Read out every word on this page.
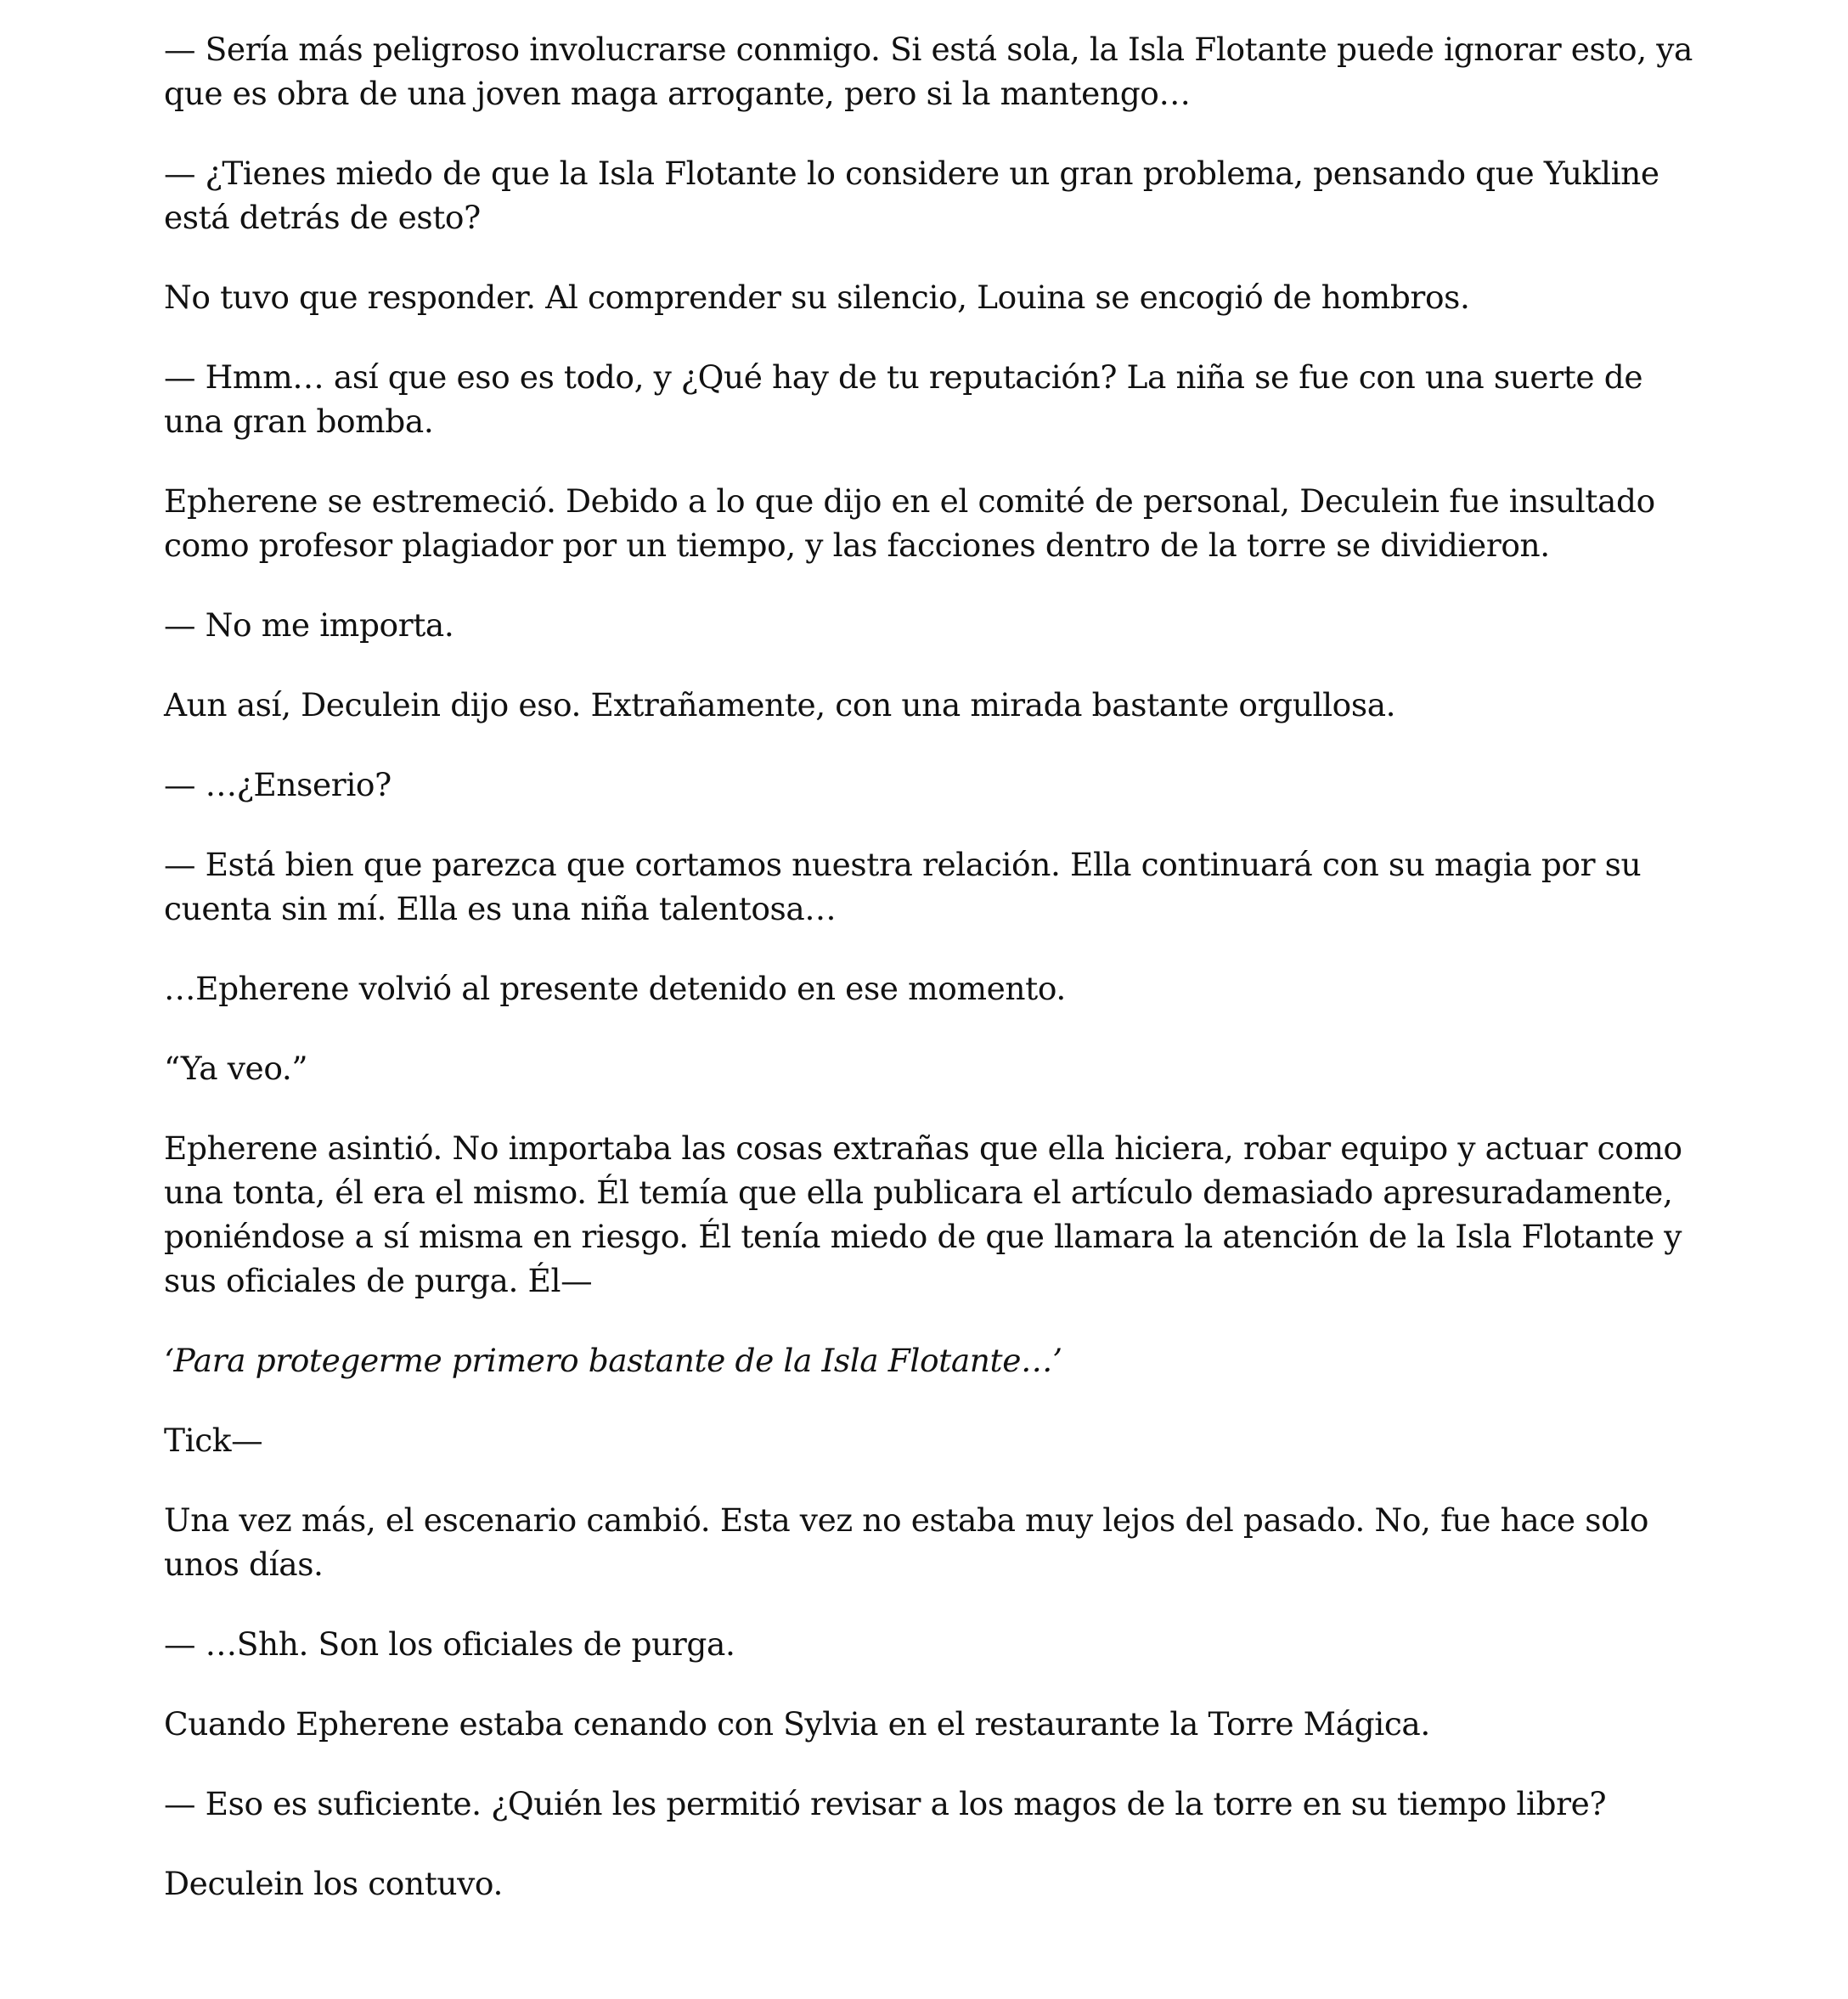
— Sería más peligroso involucrarse conmigo. Si está sola, la Isla Flotante puede ignorar esto, ya que es obra de una joven maga arrogante, pero si la mantengo…

— ¿Tienes miedo de que la Isla Flotante lo considere un gran problema, pensando que Yukline está detrás de esto?

No tuvo que responder. Al comprender su silencio, Louina se encogió de hombros.

— Hmm… así que eso es todo, y ¿Qué hay de tu reputación? La niña se fue con una suerte de una gran bomba.

Epherene se estremeció. Debido a lo que dijo en el comité de personal, Deculein fue insultado como profesor plagiador por un tiempo, y las facciones dentro de la torre se dividieron.

— No me importa.

Aun así, Deculein dijo eso. Extrañamente, con una mirada bastante orgullosa.

— …¿Enserio?

— Está bien que parezca que cortamos nuestra relación. Ella continuará con su magia por su cuenta sin mí. Ella es una niña talentosa…

…Epherene volvió al presente detenido en ese momento.

“Ya veo.”

Epherene asintió. No importaba las cosas extrañas que ella hiciera, robar equipo y actuar como una tonta, él era el mismo. Él temía que ella publicara el artículo demasiado apresuradamente, poniéndose a sí misma en riesgo. Él tenía miedo de que llamara la atención de la Isla Flotante y sus oficiales de purga. Él—

‘Para protegerme primero bastante de la Isla Flotante…’

Tick—

Una vez más, el escenario cambió. Esta vez no estaba muy lejos del pasado. No, fue hace solo unos días.

— …Shh. Son los oficiales de purga.

Cuando Epherene estaba cenando con Sylvia en el restaurante la Torre Mágica.

— Eso es suficiente. ¿Quién les permitió revisar a los magos de la torre en su tiempo libre?

Deculein los contuvo.
